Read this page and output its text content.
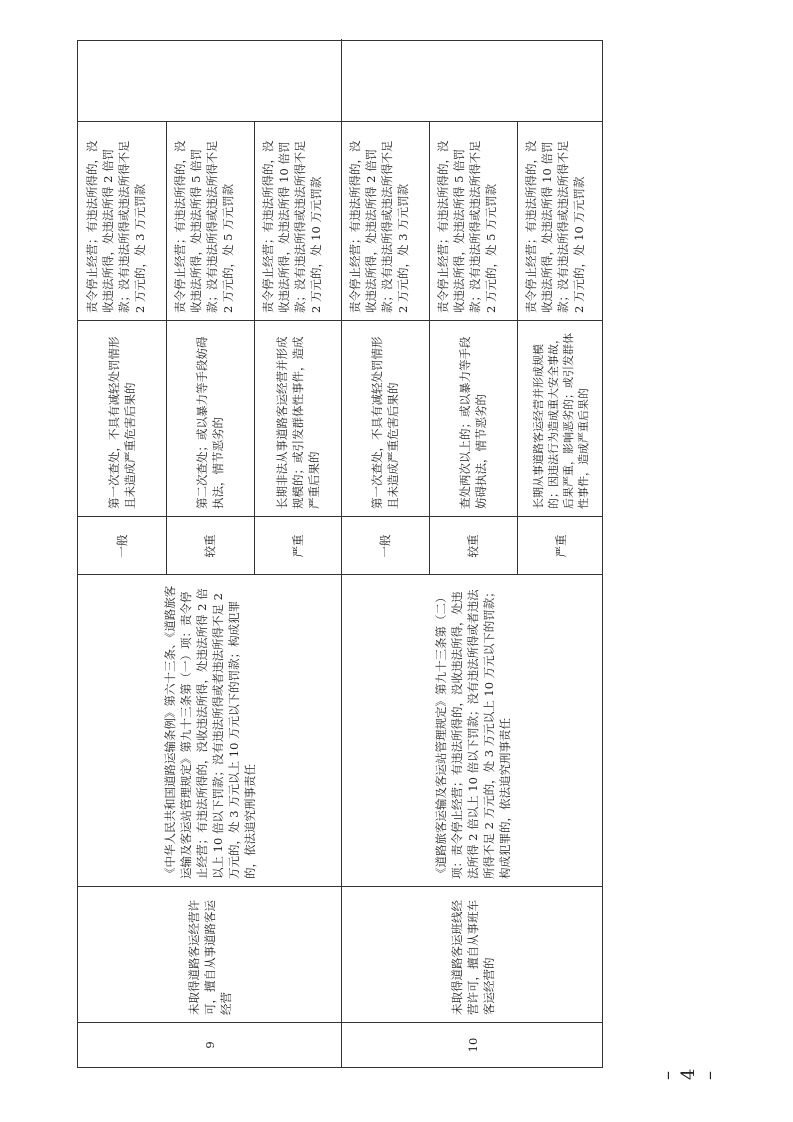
9
未取得道路客运经营许可，擅自从事道路客运经营
《中华人民共和国道路运输条例》第六十三条、《道路旅客运输及客运站管理规定》第九十三条第（一）项：责令停止经营；有违法所得的，没收违法所得，处违法所得 2 倍以上 10 倍以下罚款；没有违法所得或者违法所得不足 2 万元的，处 3 万元以上 10 万元以下的罚款；构成犯罪的，依法追究刑事责任
一般
第一次查处，不具有减轻处罚情形且未造成严重危害后果的
责令停止经营；有违法所得的，没收违法所得，处违法所得 2 倍罚款；没有违法所得或违法所得不足 2 万元的，处 3 万元罚款
较重
第二次查处；或以暴力等手段妨碍执法，情节恶劣的
责令停止经营；有违法所得的，没收违法所得，处违法所得 5 倍罚款；没有违法所得或违法所得不足 2 万元的，处 5 万元罚款
严重
长期非法从事道路客运经营并形成规模的；或引发群体性事件，造成严重后果的
责令停止经营；有违法所得的，没收违法所得，处违法所得 10 倍罚款；没有违法所得或违法所得不足 2 万元的，处 10 万元罚款
10
未取得道路客运班线经营许可，擅自从事班车客运经营的
《道路旅客运输及客运站管理规定》第九十三条第（二）项：责令停止经营；有违法所得的，没收违法所得，处违法所得 2 倍以上 10 倍以下罚款；没有违法所得或者违法所得不足 2 万元的，处 3 万元以上 10 万元以下的罚款；构成犯罪的，依法追究刑事责任
一般
第一次查处，不具有减轻处罚情形且未造成严重危害后果的
责令停止经营；有违法所得的，没收违法所得，处违法所得 2 倍罚款；没有违法所得或违法所得不足 2 万元的，处 3 万元罚款
较重
查处两次以上的；或以暴力等手段妨碍执法，情节恶劣的
责令停止经营；有违法所得的，没收违法所得，处违法所得 5 倍罚款；没有违法所得或违法所得不足 2 万元的，处 5 万元罚款
严重
长期从事道路客运经营并形成规模的；因违法行为造成重大安全事故，后果严重，影响恶劣的；或引发群体性事件，造成严重后果的
责令停止经营；有违法所得的，没收违法所得，处违法所得 10 倍罚款；没有违法所得或违法所得不足 2 万元的，处 10 万元罚款
– 4 –
